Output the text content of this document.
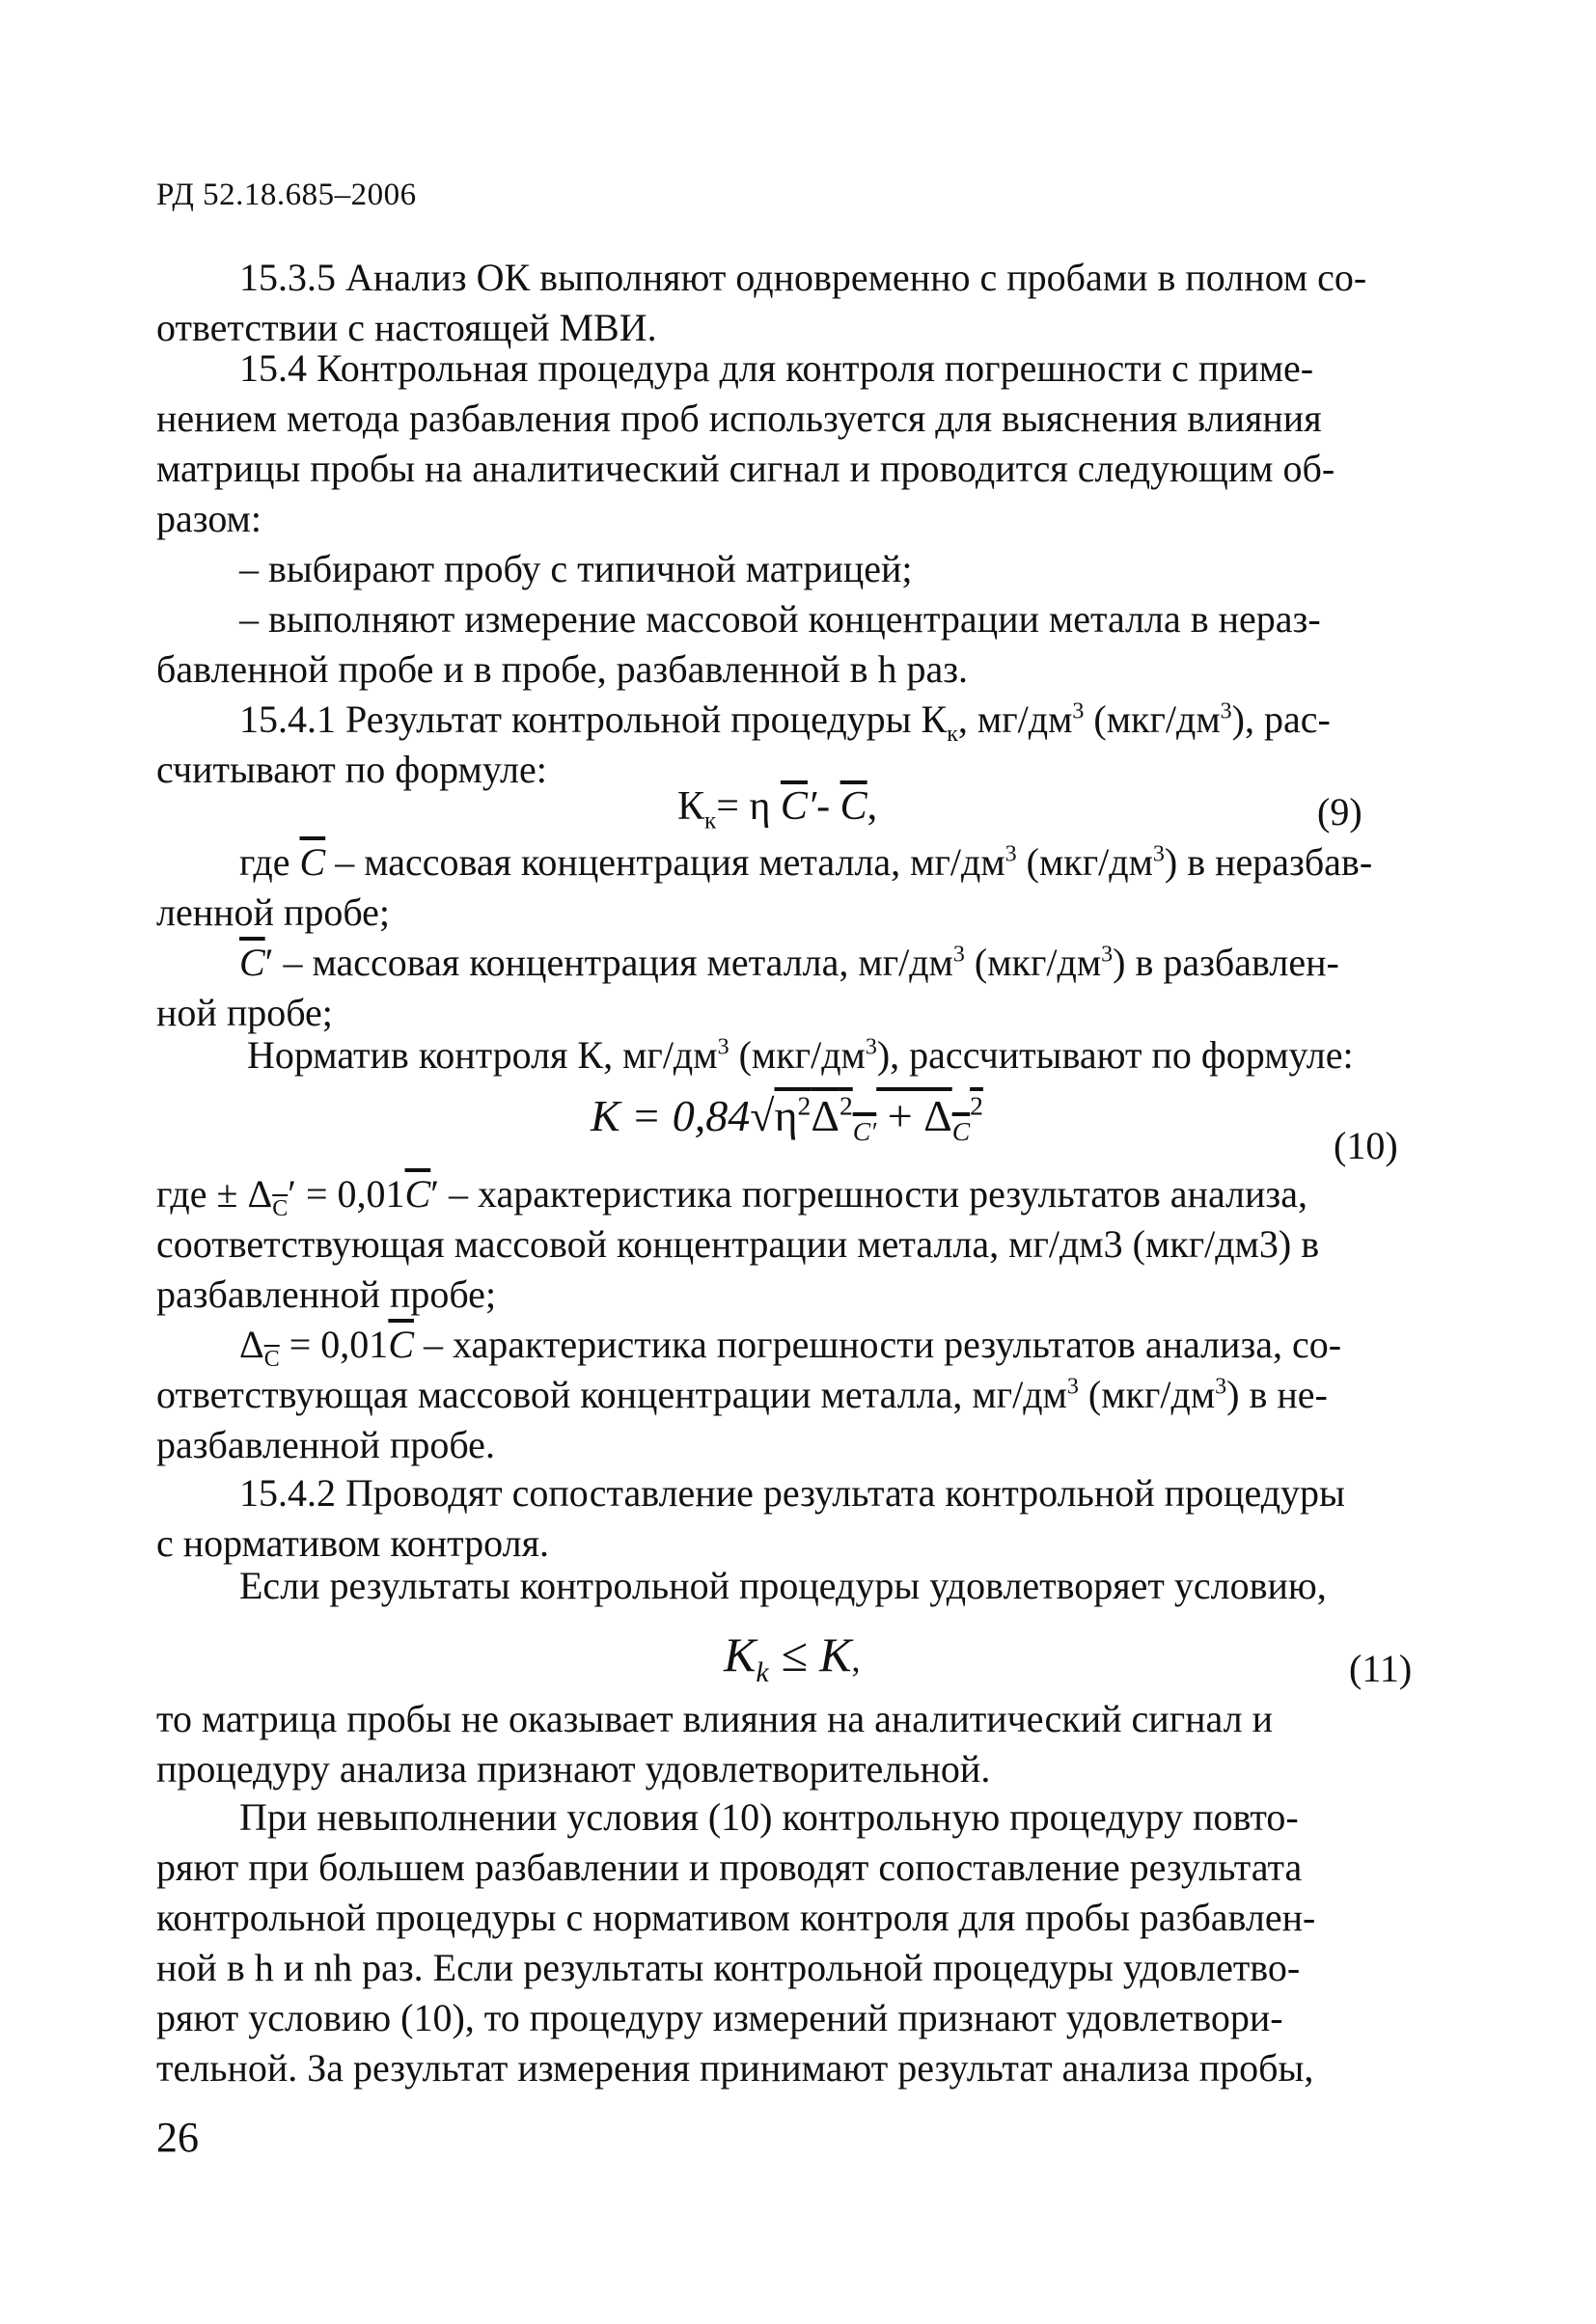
РД 52.18.685–2006
15.3.5 Анализ ОК выполняют одновременно с пробами в полном со-
ответствии с настоящей МВИ.
15.4 Контрольная процедура для контроля погрешности с приме-
нением метода разбавления проб используется для выяснения влияния
матрицы пробы на аналитический сигнал и проводится следующим об-
разом:
– выбирают пробу с типичной матрицей;
– выполняют измерение массовой концентрации металла в нераз-
бавленной пробе и в пробе, разбавленной в h раз.
15.4.1 Результат контрольной процедуры $К_к$, $мг/дм^3$ $(мкг/дм^3)$, рас-
считывают по формуле:
$К_к= \eta$ $\overline{C}'-$ $\overline{C}$,	(9)
где $\overline{C}$ – массовая концентрация металла, $мг/дм^3$ $(мкг/дм^3)$ в неразбав-
ленной пробе;
$\overline{C}'$ – массовая концентрация металла, $мг/дм^3$ $(мкг/дм^3)$ в разбавлен-
ной пробе;
Норматив контроля К, $мг/дм^3$ $(мкг/дм^3)$, рассчитывают по формуле:
$K = 0,84√\eta^2\Delta^2_{C'} + \Delta_C^2$
(10)
где ± $\Delta_{\overline{C}}' = 0,01\overline{C}'$ – характеристика погрешности результатов анализа,
соответствующая массовой концентрации металла, мг/дм3 (мкг/дм3) в
разбавленной пробе;
$\Delta_{\overline{C}} = 0,01\overline{C}$ – характеристика погрешности результатов анализа, со-
ответствующая массовой концентрации металла, $мг/дм^3$ $(мкг/дм^3)$ в не-
разбавленной пробе.
15.4.2 Проводят сопоставление результата контрольной процедуры
с нормативом контроля.
Если результаты контрольной процедуры удовлетворяет условию,
$K_k \le K$,	(11)
то матрица пробы не оказывает влияния на аналитический сигнал и
процедуру анализа признают удовлетворительной.
При невыполнении условия (10) контрольную процедуру повто-
ряют при большем разбавлении и проводят сопоставление результата
контрольной процедуры с нормативом контроля для пробы разбавлен-
ной в h и nh раз. Если результаты контрольной процедуры удовлетво-
ряют условию (10), то процедуру измерений признают удовлетвори-
тельной. За результат измерения принимают результат анализа пробы,
26
